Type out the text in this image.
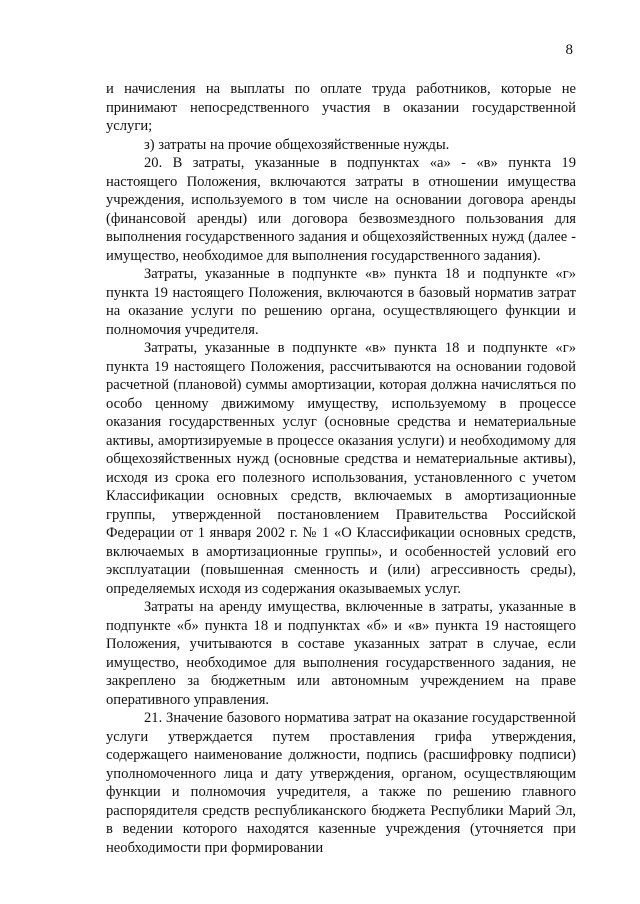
8

и начисления на выплаты по оплате труда работников, которые не принимают непосредственного участия в оказании государственной услуги;

з) затраты на прочие общехозяйственные нужды.

20. В затраты, указанные в подпунктах «а» - «в» пункта 19 настоящего Положения, включаются затраты в отношении имущества учреждения, используемого в том числе на основании договора аренды (финансовой аренды) или договора безвозмездного пользования для выполнения государственного задания и общехозяйственных нужд (далее - имущество, необходимое для выполнения государственного задания).

Затраты, указанные в подпункте «в» пункта 18 и подпункте «г» пункта 19 настоящего Положения, включаются в базовый норматив затрат на оказание услуги по решению органа, осуществляющего функции и полномочия учредителя.

Затраты, указанные в подпункте «в» пункта 18 и подпункте «г» пункта 19 настоящего Положения, рассчитываются на основании годовой расчетной (плановой) суммы амортизации, которая должна начисляться по особо ценному движимому имуществу, используемому в процессе оказания государственных услуг (основные средства и нематериальные активы, амортизируемые в процессе оказания услуги) и необходимому для общехозяйственных нужд (основные средства и нематериальные активы), исходя из срока его полезного использования, установленного с учетом Классификации основных средств, включаемых в амортизационные группы, утвержденной постановлением Правительства Российской Федерации от 1 января 2002 г. № 1 «О Классификации основных средств, включаемых в амортизационные группы», и особенностей условий его эксплуатации (повышенная сменность и (или) агрессивность среды), определяемых исходя из содержания оказываемых услуг.

Затраты на аренду имущества, включенные в затраты, указанные в подпункте «б» пункта 18 и подпунктах «б» и «в» пункта 19 настоящего Положения, учитываются в составе указанных затрат в случае, если имущество, необходимое для выполнения государственного задания, не закреплено за бюджетным или автономным учреждением на праве оперативного управления.

21. Значение базового норматива затрат на оказание государственной услуги утверждается путем проставления грифа утверждения, содержащего наименование должности, подпись (расшифровку подписи) уполномоченного лица и дату утверждения, органом, осуществляющим функции и полномочия учредителя, а также по решению главного распорядителя средств республиканского бюджета Республики Марий Эл, в ведении которого находятся казенные учреждения (уточняется при необходимости при формировании
